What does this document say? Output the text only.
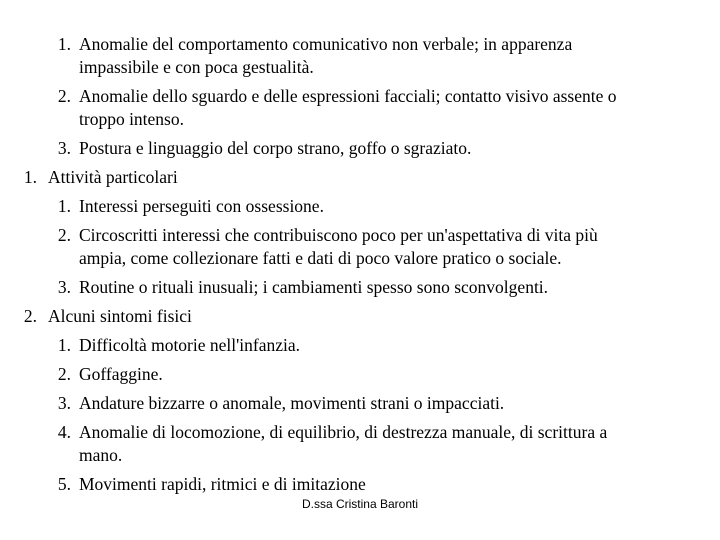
1. Anomalie del comportamento comunicativo non verbale; in apparenza
impassibile e con poca gestualità.
2. Anomalie dello sguardo e delle espressioni facciali; contatto visivo assente o
troppo intenso.
3. Postura e linguaggio del corpo strano, goffo o sgraziato.
1. Attività particolari
1. Interessi perseguiti con ossessione.
2. Circoscritti interessi che contribuiscono poco per un'aspettativa di vita più
ampia, come collezionare fatti e dati di poco valore pratico o sociale.
3. Routine o rituali inusuali; i cambiamenti spesso sono sconvolgenti.
2. Alcuni sintomi fisici
1. Difficoltà motorie nell'infanzia.
2. Goffaggine.
3. Andature bizzarre o anomale, movimenti strani o impacciati.
4. Anomalie di locomozione, di equilibrio, di destrezza manuale, di scrittura a
mano.
5. Movimenti rapidi, ritmici e di imitazione
D.ssa Cristina Baronti
